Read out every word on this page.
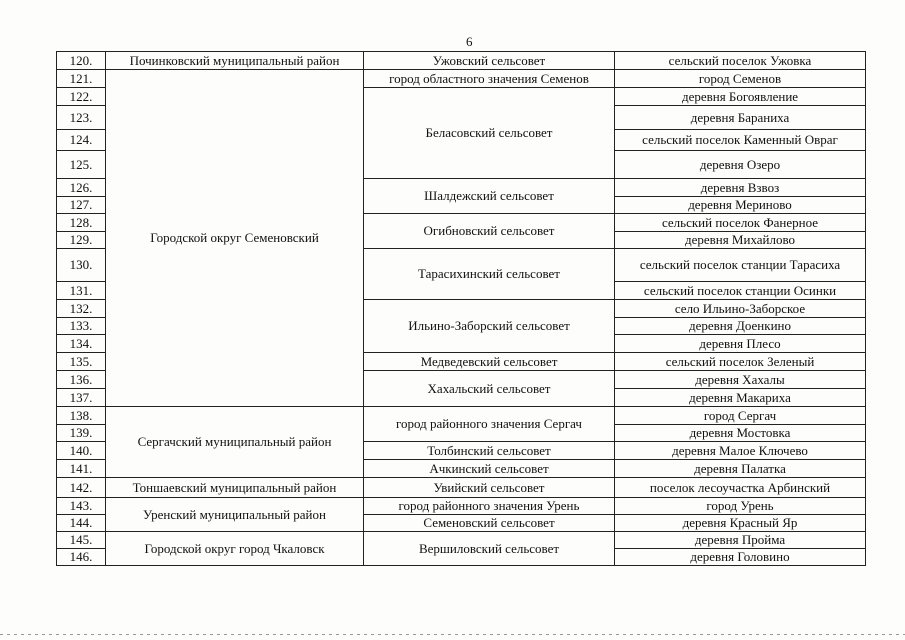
6
120.	Починковский муниципальный район	Ужовский сельсовет	сельский поселок Ужовка
121.	Городской округ Семеновский	город областного значения Семенов	город Семенов
122.		Беласовский сельсовет	деревня Богоявление
123.			деревня Бараниха
124.			сельский поселок Каменный Овраг
125.			деревня Озеро
126.		Шалдежский сельсовет	деревня Взвоз
127.			деревня Мериново
128.		Огибновский сельсовет	сельский поселок Фанерное
129.			деревня Михайлово
130.		Тарасихинский сельсовет	сельский поселок станции Тарасиха
131.			сельский поселок станции Осинки
132.		Ильино-Заборский сельсовет	село Ильино-Заборское
133.			деревня Доенкино
134.			деревня Плесо
135.		Медведевский сельсовет	сельский поселок Зеленый
136.		Хахальский сельсовет	деревня Хахалы
137.			деревня Макариха
138.	Сергачский муниципальный район	город районного значения Сергач	город Сергач
139.			деревня Мостовка
140.		Толбинский сельсовет	деревня Малое Ключево
141.		Ачкинский сельсовет	деревня Палатка
142.	Тоншаевский муниципальный район	Увийский сельсовет	поселок лесоучастка Арбинский
143.	Уренский муниципальный район	город районного значения Урень	город Урень
144.		Семеновский сельсовет	деревня Красный Яр
145.	Городской округ город Чкаловск	Вершиловский сельсовет	деревня Пройма
146.			деревня Головино
